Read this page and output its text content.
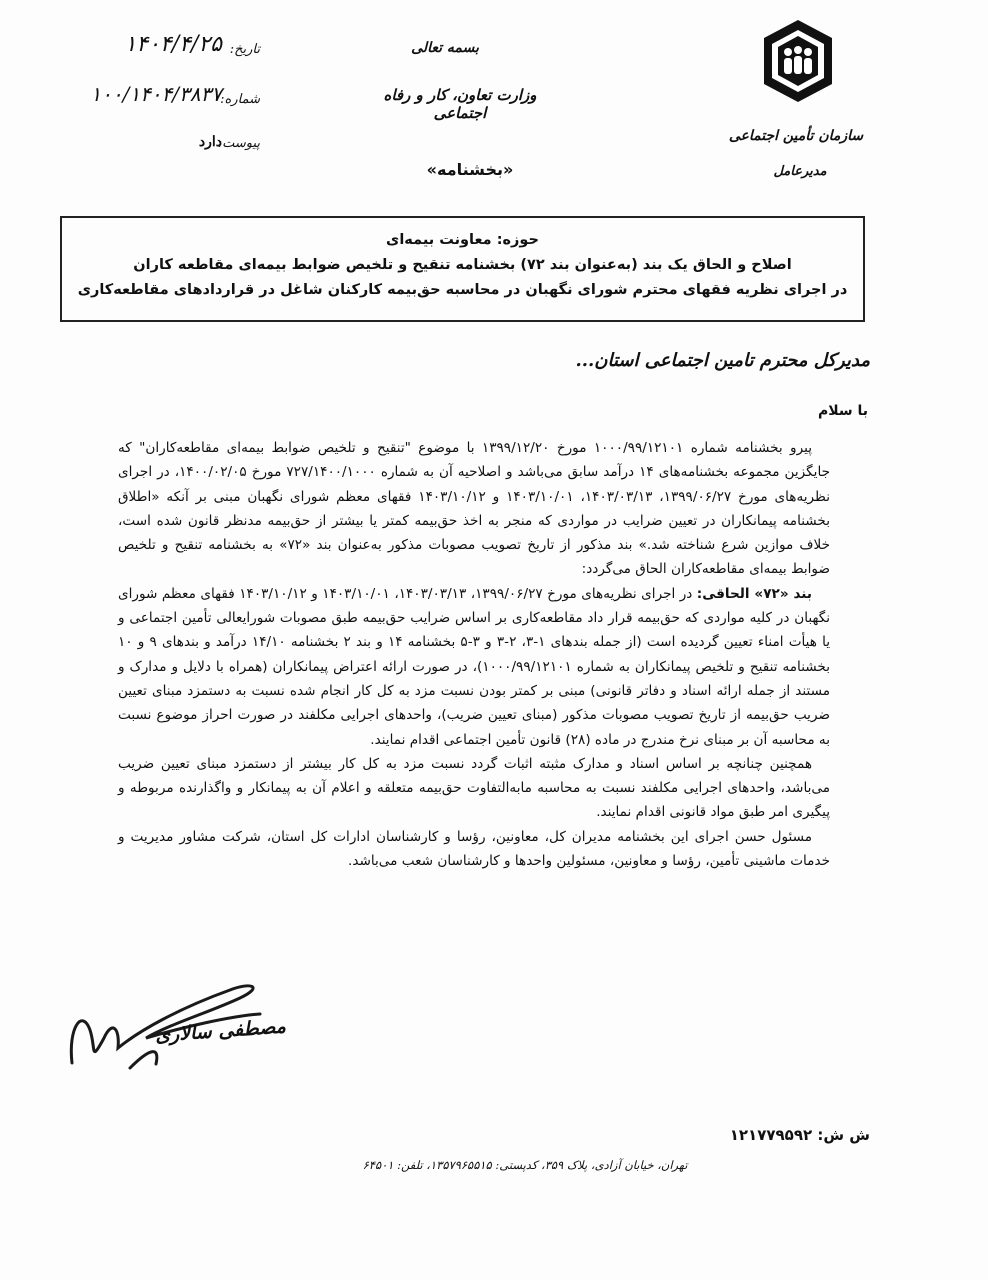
سازمان تأمین اجتماعی
مدیرعامل
بسمه تعالی
وزارت تعاون، کار و رفاه اجتماعی
«بخشنامه»
تاریخ:
۱۴۰۴/۴/۲۵
شماره:
۱۰۰/۱۴۰۴/۳۸۳۷
پیوست:
دارد
حوزه: معاونت بیمه‌ای
اصلاح و الحاق یک بند (به‌عنوان بند ۷۲) بخشنامه تنقیح و تلخیص ضوابط بیمه‌ای مقاطعه کاران
در اجرای نظریه فقهای محترم شورای نگهبان در محاسبه حق‌بیمه کارکنان شاغل در قراردادهای مقاطعه‌کاری
مدیرکل محترم تامین اجتماعی استان...
با سلام

پیرو بخشنامه شماره ۱۰۰۰/۹۹/۱۲۱۰۱ مورخ ۱۳۹۹/۱۲/۲۰ با موضوع "تنقیح و تلخیص ضوابط بیمه‌ای مقاطعه‌کاران" که جایگزین مجموعه بخشنامه‌های ۱۴ درآمد سابق می‌باشد و اصلاحیه آن به شماره ۷۲۷/۱۴۰۰/۱۰۰۰ مورخ ۱۴۰۰/۰۲/۰۵، در اجرای نظریه‌های مورخ ۱۳۹۹/۰۶/۲۷، ۱۴۰۳/۰۳/۱۳، ۱۴۰۳/۱۰/۰۱ و ۱۴۰۳/۱۰/۱۲ فقهای معظم شورای نگهبان مبنی بر آنکه «اطلاق بخشنامه پیمانکاران در تعیین ضرایب در مواردی که منجر به اخذ حق‌بیمه کمتر یا بیشتر از حق‌بیمه مدنظر قانون شده است، خلاف موازین شرع شناخته شد.» بند مذکور از تاریخ تصویب مصوبات مذکور به‌عنوان بند «۷۲» به بخشنامه تنقیح و تلخیص ضوابط بیمه‌ای مقاطعه‌کاران الحاق می‌گردد:

بند «۷۲» الحاقی: در اجرای نظریه‌های مورخ ۱۳۹۹/۰۶/۲۷، ۱۴۰۳/۰۳/۱۳، ۱۴۰۳/۱۰/۰۱ و ۱۴۰۳/۱۰/۱۲ فقهای معظم شورای نگهبان در کلیه مواردی که حق‌بیمه قرار داد مقاطعه‌کاری بر اساس ضرایب حق‌بیمه طبق مصوبات شورایعالی تأمین اجتماعی و یا هیأت امناء تعیین گردیده است (از جمله بندهای ۱-۳، ۲-۳ و ۳-۵ بخشنامه ۱۴ و بند ۲ بخشنامه ۱۴/۱۰ درآمد و بندهای ۹ و ۱۰ بخشنامه تنقیح و تلخیص پیمانکاران به شماره ۱۰۰۰/۹۹/۱۲۱۰۱)، در صورت ارائه اعتراض پیمانکاران (همراه با دلایل و مدارک و مستند از جمله ارائه اسناد و دفاتر قانونی) مبنی بر کمتر بودن نسبت مزد به کل کار انجام شده نسبت به دستمزد مبنای تعیین ضریب حق‌بیمه از تاریخ تصویب مصوبات مذکور (مبنای تعیین ضریب)، واحدهای اجرایی مکلفند در صورت احراز موضوع نسبت به محاسبه آن بر مبنای نرخ مندرج در ماده (۲۸) قانون تأمین اجتماعی اقدام نمایند.

همچنین چنانچه بر اساس اسناد و مدارک مثبته اثبات گردد نسبت مزد به کل کار بیشتر از دستمزد مبنای تعیین ضریب می‌باشد، واحدهای اجرایی مکلفند نسبت به محاسبه مابه‌التفاوت حق‌بیمه متعلقه و اعلام آن به پیمانکار و واگذارنده مربوطه و پیگیری امر طبق مواد قانونی اقدام نمایند.

مسئول حسن اجرای این بخشنامه مدیران کل، معاونین، رؤسا و کارشناسان ادارات کل استان، شرکت مشاور مدیریت و خدمات ماشینی تأمین، رؤسا و معاونین، مسئولین واحدها و کارشناسان شعب می‌باشد.

مصطفی سالاری
ش ش: ۱۲۱۷۷۹۵۹۲
تهران، خیابان آزادی، پلاک ۳۵۹، کدپستی: ۱۳۵۷۹۶۵۵۱۵، تلفن: ۶۴۵۰۱
